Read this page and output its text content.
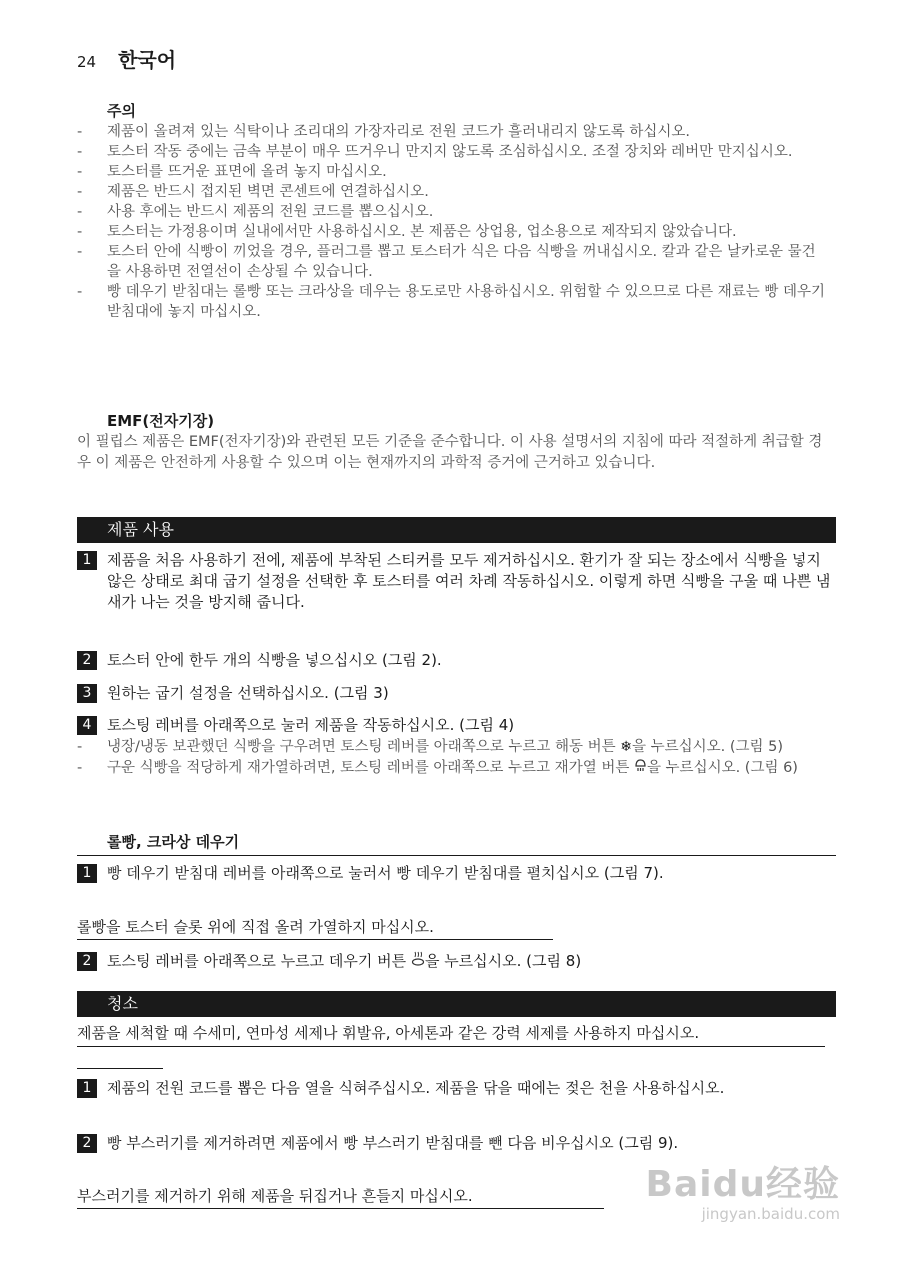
24 한국어
주의
- 제품이 올려져 있는 식탁이나 조리대의 가장자리로 전원 코드가 흘러내리지 않도록 하십시오.
- 토스터 작동 중에는 금속 부분이 매우 뜨거우니 만지지 않도록 조심하십시오. 조절 장치와 레버만 만지십시오.
- 토스터를 뜨거운 표면에 올려 놓지 마십시오.
- 제품은 반드시 접지된 벽면 콘센트에 연결하십시오.
- 사용 후에는 반드시 제품의 전원 코드를 뽑으십시오.
- 토스터는 가정용이며 실내에서만 사용하십시오. 본 제품은 상업용, 업소용으로 제작되지 않았습니다.
- 토스터 안에 식빵이 끼었을 경우, 플러그를 뽑고 토스터가 식은 다음 식빵을 꺼내십시오. 칼과 같은 날카로운 물건을 사용하면 전열선이 손상될 수 있습니다.
- 빵 데우기 받침대는 롤빵 또는 크라상을 데우는 용도로만 사용하십시오. 위험할 수 있으므로 다른 재료는 빵 데우기 받침대에 놓지 마십시오.
EMF(전자기장)
이 필립스 제품은 EMF(전자기장)와 관련된 모든 기준을 준수합니다. 이 사용 설명서의 지침에 따라 적절하게 취급할 경우 이 제품은 안전하게 사용할 수 있으며 이는 현재까지의 과학적 증거에 근거하고 있습니다.
제품 사용
1	제품을 처음 사용하기 전에, 제품에 부착된 스티커를 모두 제거하십시오. 환기가 잘 되는 장소에서 식빵을 넣지 않은 상태로 최대 굽기 설정을 선택한 후 토스터를 여러 차례 작동하십시오. 이렇게 하면 식빵을 구울 때 나쁜 냄새가 나는 것을 방지해 줍니다.
2	토스터 안에 한두 개의 식빵을 넣으십시오 (그림 2).
3	원하는 굽기 설정을 선택하십시오. (그림 3)
4	토스팅 레버를 아래쪽으로 눌러 제품을 작동하십시오. (그림 4)
- 냉장/냉동 보관했던 식빵을 구우려면 토스팅 레버를 아래쪽으로 누르고 해동 버튼 ❄을 누르십시오. (그림 5)
- 구운 식빵을 적당하게 재가열하려면, 토스팅 레버를 아래쪽으로 누르고 재가열 버튼 을 누르십시오. (그림 6)
롤빵, 크라상 데우기
1	빵 데우기 받침대 레버를 아래쪽으로 눌러서 빵 데우기 받침대를 펼치십시오 (그림 7).
롤빵을 토스터 슬롯 위에 직접 올려 가열하지 마십시오.
2	토스팅 레버를 아래쪽으로 누르고 데우기 버튼 을 누르십시오. (그림 8)
청소
제품을 세척할 때 수세미, 연마성 세제나 휘발유, 아세톤과 같은 강력 세제를 사용하지 마십시오.
1	제품의 전원 코드를 뽑은 다음 열을 식혀주십시오. 제품을 닦을 때에는 젖은 천을 사용하십시오.
2	빵 부스러기를 제거하려면 제품에서 빵 부스러기 받침대를 뺀 다음 비우십시오 (그림 9).
부스러기를 제거하기 위해 제품을 뒤집거나 흔들지 마십시오.	Baidu经验
jingyan.baidu.com
